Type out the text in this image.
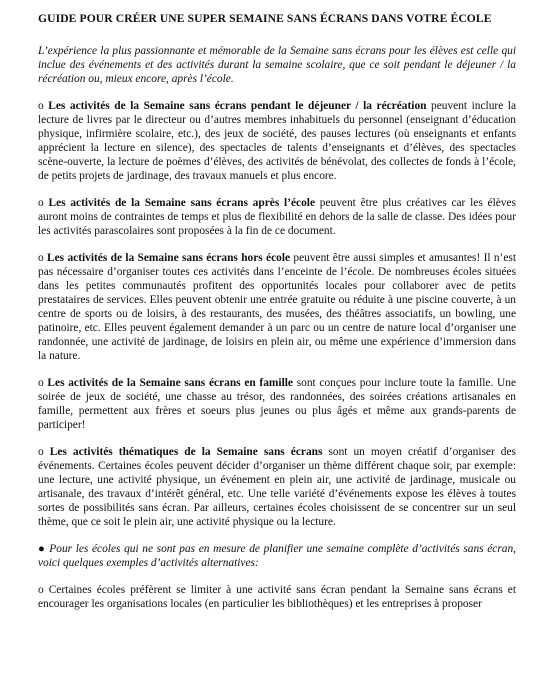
GUIDE POUR CRÉER UNE SUPER SEMAINE SANS ÉCRANS DANS VOTRE ÉCOLE

L’expérience la plus passionnante et mémorable de la Semaine sans écrans pour les élèves est celle qui inclue des événements et des activités durant la semaine scolaire, que ce soit pendant le déjeuner / la récréation ou, mieux encore, après l’école.

o Les activités de la Semaine sans écrans pendant le déjeuner / la récréation peuvent inclure la lecture de livres par le directeur ou d’autres membres inhabituels du personnel (enseignant d’éducation physique, infirmière scolaire, etc.), des jeux de société, des pauses lectures (où enseignants et enfants apprécient la lecture en silence), des spectacles de talents d’enseignants et d’élèves, des spectacles scène-ouverte, la lecture de poèmes d’élèves, des activités de bénévolat, des collectes de fonds à l’école, de petits projets de jardinage, des travaux manuels et plus encore.

o Les activités de la Semaine sans écrans après l’école peuvent être plus créatives car les élèves auront moins de contraintes de temps et plus de flexibilité en dehors de la salle de classe. Des idées pour les activités parascolaires sont proposées à la fin de ce document.

o Les activités de la Semaine sans écrans hors école peuvent être aussi simples et amusantes! Il n’est pas nécessaire d’organiser toutes ces activités dans l’enceinte de l’école. De nombreuses écoles situées dans les petites communautés profitent des opportunités locales pour collaborer avec de petits prestataires de services. Elles peuvent obtenir une entrée gratuite ou réduite à une piscine couverte, à un centre de sports ou de loisirs, à des restaurants, des musées, des théâtres associatifs, un bowling, une patinoire, etc. Elles peuvent également demander à un parc ou un centre de nature local d’organiser une randonnée, une activité de jardinage, de loisirs en plein air, ou même une expérience d’immersion dans la nature.

o Les activités de la Semaine sans écrans en famille sont conçues pour inclure toute la famille. Une soirée de jeux de société, une chasse au trésor, des randonnées, des soirées créations artisanales en famille, permettent aux frères et soeurs plus jeunes ou plus âgés et même aux grands-parents de participer!

o Les activités thématiques de la Semaine sans écrans sont un moyen créatif d’organiser des événements. Certaines écoles peuvent décider d’organiser un thème différent chaque soir, par exemple: une lecture, une activité physique, un événement en plein air, une activité de jardinage, musicale ou artisanale, des travaux d’intérêt général, etc. Une telle variété d’événements expose les élèves à toutes sortes de possibilités sans écran. Par ailleurs, certaines écoles choisissent de se concentrer sur un seul thème, que ce soit le plein air, une activité physique ou la lecture.

● Pour les écoles qui ne sont pas en mesure de planifier une semaine complète d’activités sans écran, voici quelques exemples d’activités alternatives:

o Certaines écoles préfèrent se limiter à une activité sans écran pendant la Semaine sans écrans et encourager les organisations locales (en particulier les bibliothèques) et les entreprises à proposer
